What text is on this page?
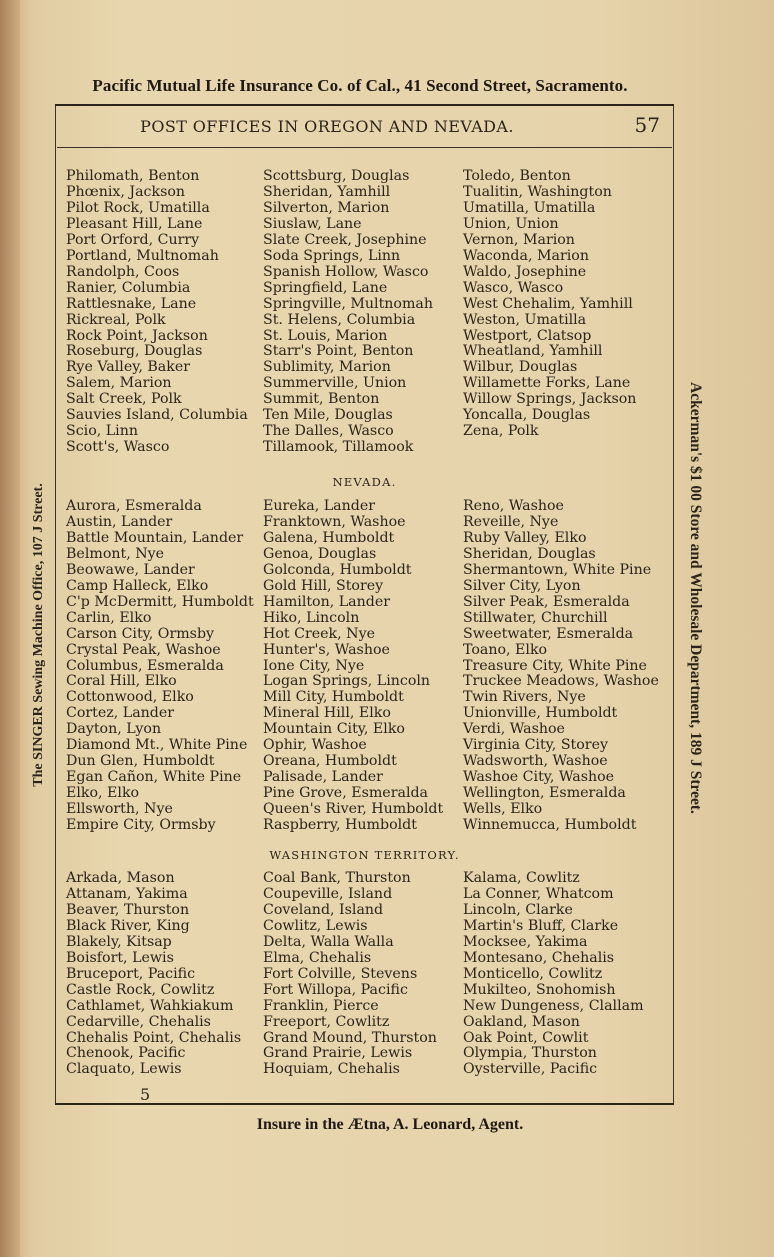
Pacific Mutual Life Insurance Co. of Cal., 41 Second Street, Sacramento.
The SINGER Sewing Machine Office, 107 J Street.	Ackerman's $1 00 Store and Wholesale Department, 189 J Street.
POST OFFICES IN OREGON AND NEVADA.	57
Philomath, Benton
Phœnix, Jackson
Pilot Rock, Umatilla
Pleasant Hill, Lane
Port Orford, Curry
Portland, Multnomah
Randolph, Coos
Ranier, Columbia
Rattlesnake, Lane
Rickreal, Polk
Rock Point, Jackson
Roseburg, Douglas
Rye Valley, Baker
Salem, Marion
Salt Creek, Polk
Sauvies Island, Columbia
Scio, Linn
Scott's, Wasco
Scottsburg, Douglas
Sheridan, Yamhill
Silverton, Marion
Siuslaw, Lane
Slate Creek, Josephine
Soda Springs, Linn
Spanish Hollow, Wasco
Springfield, Lane
Springville, Multnomah
St. Helens, Columbia
St. Louis, Marion
Starr's Point, Benton
Sublimity, Marion
Summerville, Union
Summit, Benton
Ten Mile, Douglas
The Dalles, Wasco
Tillamook, Tillamook
Toledo, Benton
Tualitin, Washington
Umatilla, Umatilla
Union, Union
Vernon, Marion
Waconda, Marion
Waldo, Josephine
Wasco, Wasco
West Chehalim, Yamhill
Weston, Umatilla
Westport, Clatsop
Wheatland, Yamhill
Wilbur, Douglas
Willamette Forks, Lane
Willow Springs, Jackson
Yoncalla, Douglas
Zena, Polk
NEVADA.
Aurora, Esmeralda
Austin, Lander
Battle Mountain, Lander
Belmont, Nye
Beowawe, Lander
Camp Halleck, Elko
C'p McDermitt, Humboldt
Carlin, Elko
Carson City, Ormsby
Crystal Peak, Washoe
Columbus, Esmeralda
Coral Hill, Elko
Cottonwood, Elko
Cortez, Lander
Dayton, Lyon
Diamond Mt., White Pine
Dun Glen, Humboldt
Egan Cañon, White Pine
Elko, Elko
Ellsworth, Nye
Empire City, Ormsby
Eureka, Lander
Franktown, Washoe
Galena, Humboldt
Genoa, Douglas
Golconda, Humboldt
Gold Hill, Storey
Hamilton, Lander
Hiko, Lincoln
Hot Creek, Nye
Hunter's, Washoe
Ione City, Nye
Logan Springs, Lincoln
Mill City, Humboldt
Mineral Hill, Elko
Mountain City, Elko
Ophir, Washoe
Oreana, Humboldt
Palisade, Lander
Pine Grove, Esmeralda
Queen's River, Humboldt
Raspberry, Humboldt
Reno, Washoe
Reveille, Nye
Ruby Valley, Elko
Sheridan, Douglas
Shermantown, White Pine
Silver City, Lyon
Silver Peak, Esmeralda
Stillwater, Churchill
Sweetwater, Esmeralda
Toano, Elko
Treasure City, White Pine
Truckee Meadows, Washoe
Twin Rivers, Nye
Unionville, Humboldt
Verdi, Washoe
Virginia City, Storey
Wadsworth, Washoe
Washoe City, Washoe
Wellington, Esmeralda
Wells, Elko
Winnemucca, Humboldt
WASHINGTON TERRITORY.
Arkada, Mason
Attanam, Yakima
Beaver, Thurston
Black River, King
Blakely, Kitsap
Boisfort, Lewis
Bruceport, Pacific
Castle Rock, Cowlitz
Cathlamet, Wahkiakum
Cedarville, Chehalis
Chehalis Point, Chehalis
Chenook, Pacific
Claquato, Lewis
Coal Bank, Thurston
Coupeville, Island
Coveland, Island
Cowlitz, Lewis
Delta, Walla Walla
Elma, Chehalis
Fort Colville, Stevens
Fort Willopa, Pacific
Franklin, Pierce
Freeport, Cowlitz
Grand Mound, Thurston
Grand Prairie, Lewis
Hoquiam, Chehalis
Kalama, Cowlitz
La Conner, Whatcom
Lincoln, Clarke
Martin's Bluff, Clarke
Mocksee, Yakima
Montesano, Chehalis
Monticello, Cowlitz
Mukilteo, Snohomish
New Dungeness, Clallam
Oakland, Mason
Oak Point, Cowlit
Olympia, Thurston
Oysterville, Pacific
5
Insure in the Ætna, A. Leonard, Agent.
